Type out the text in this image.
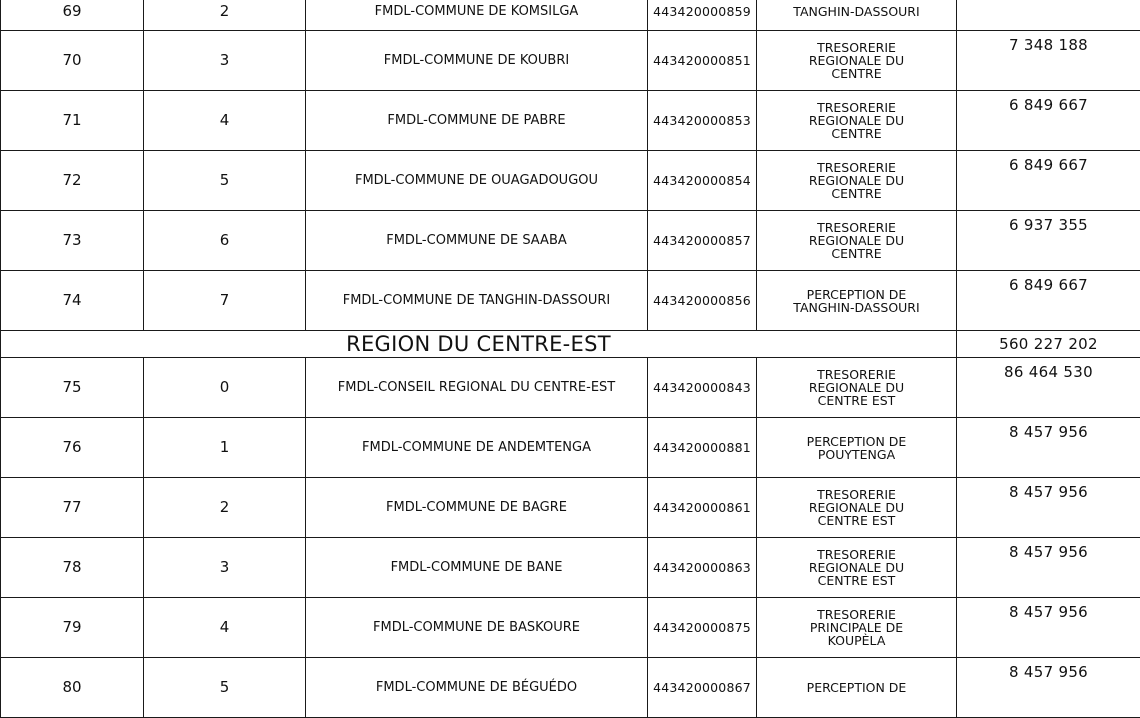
69	2	FMDL-COMMUNE DE KOMSILGA	443420000859	TANGHIN-DASSOURI	

70	3	FMDL-COMMUNE DE KOUBRI	443420000851	TRESORERIE
REGIONALE DU
CENTRE	7 348 188
71	4	FMDL-COMMUNE DE PABRE	443420000853	TRESORERIE
REGIONALE DU
CENTRE	6 849 667
72	5	FMDL-COMMUNE DE OUAGADOUGOU	443420000854	TRESORERIE
REGIONALE DU
CENTRE	6 849 667
73	6	FMDL-COMMUNE DE SAABA	443420000857	TRESORERIE
REGIONALE DU
CENTRE	6 937 355
74	7	FMDL-COMMUNE DE TANGHIN-DASSOURI	443420000856	PERCEPTION DE
TANGHIN-DASSOURI	6 849 667
REGION DU CENTRE-EST					560 227 202
75	0	FMDL-CONSEIL REGIONAL DU CENTRE-EST	443420000843	TRESORERIE
REGIONALE DU
CENTRE EST	86 464 530
76	1	FMDL-COMMUNE DE ANDEMTENGA	443420000881	PERCEPTION DE
POUYTENGA	8 457 956
77	2	FMDL-COMMUNE DE BAGRE	443420000861	TRESORERIE
REGIONALE DU
CENTRE EST	8 457 956
78	3	FMDL-COMMUNE DE BANE	443420000863	TRESORERIE
REGIONALE DU
CENTRE EST	8 457 956
79	4	FMDL-COMMUNE DE BASKOURE	443420000875	TRESORERIE
PRINCIPALE DE
KOUPÈLA	8 457 956
80	5	FMDL-COMMUNE DE BÉGUÉDO	443420000867	PERCEPTION DE	8 457 956
